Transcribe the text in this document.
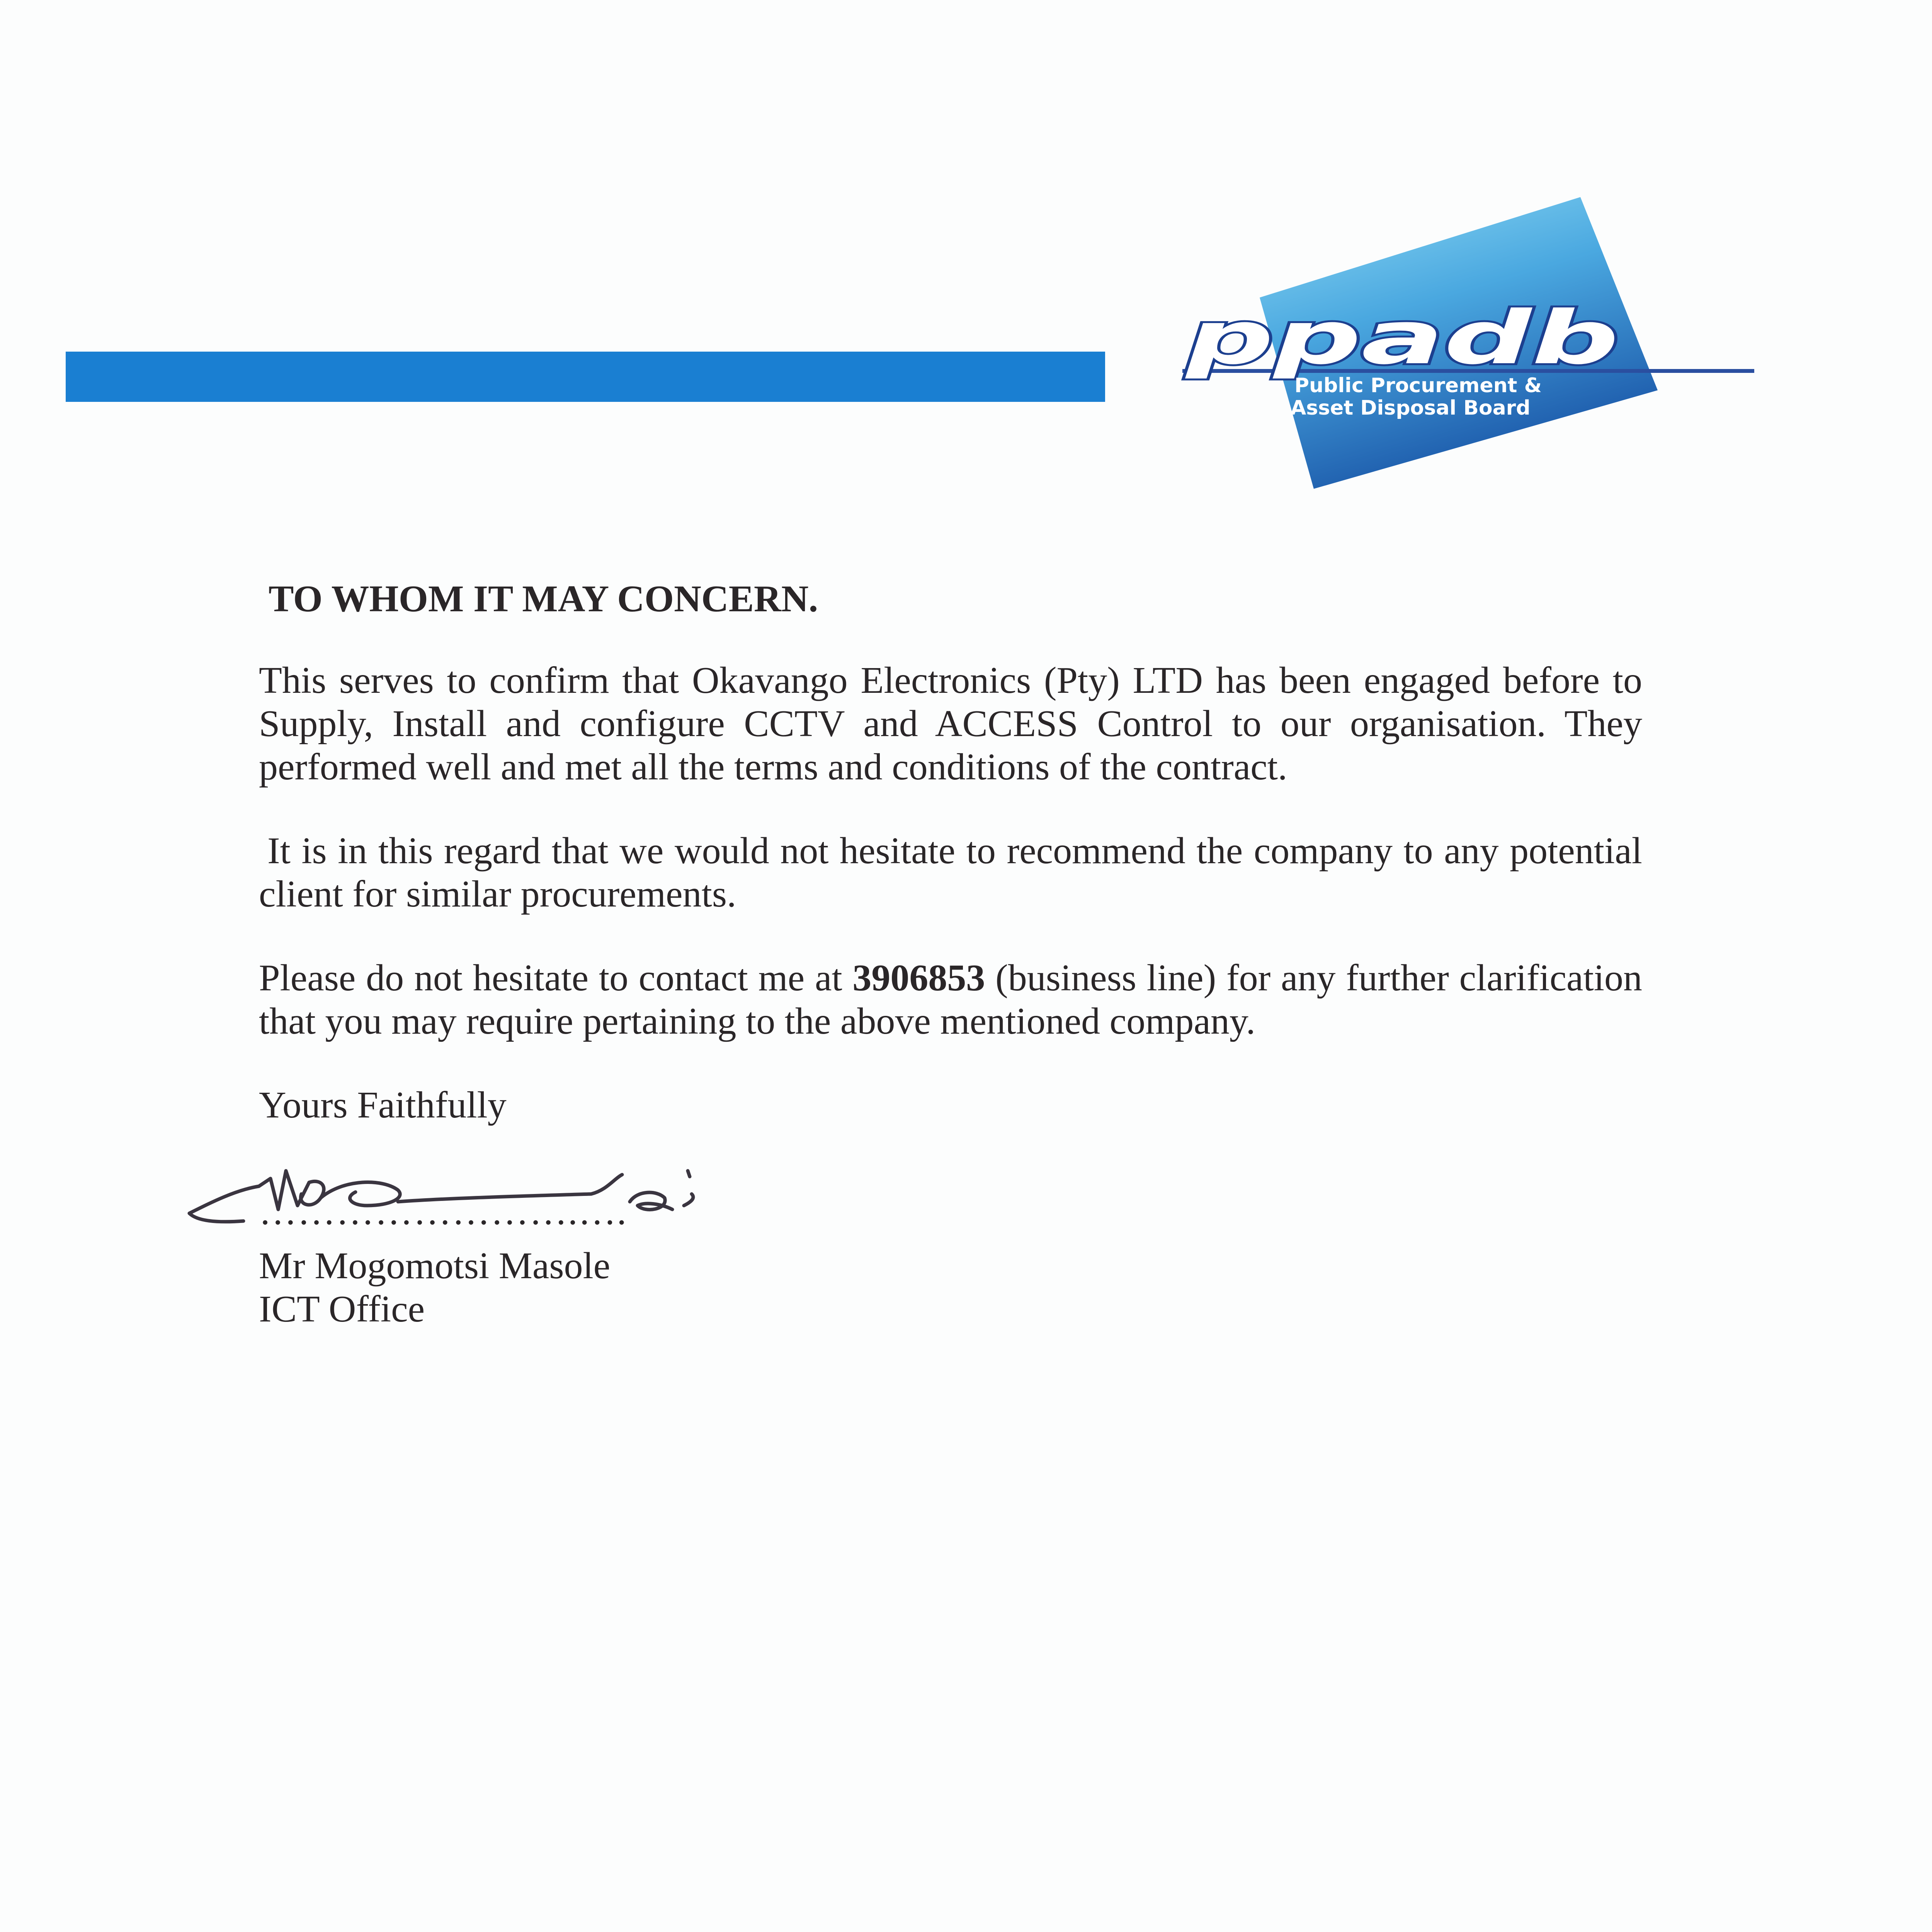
ppadb
Public Procurement &
Asset Disposal Board
TO WHOM IT MAY CONCERN.

This serves to confirm that Okavango Electronics (Pty) LTD has been engaged before to Supply, Install and configure CCTV and ACCESS Control to our organisation. They performed well and met all the terms and conditions of the contract.

It is in this regard that we would not hesitate to recommend the company to any potential client for similar procurements.

Please do not hesitate to contact me at 3906853 (business line) for any further clarification that you may require pertaining to the above mentioned company.

Yours Faithfully

…………………….….
Mr Mogomotsi Masole
ICT Office
